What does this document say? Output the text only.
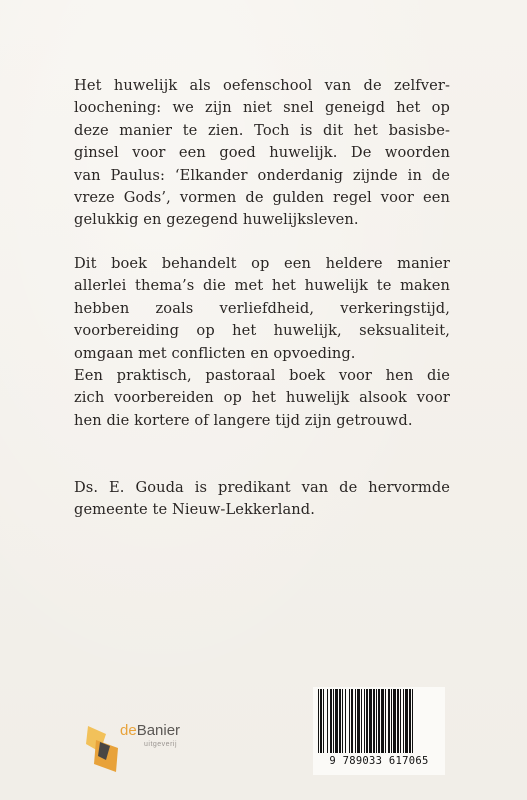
Het huwelijk als oefenschool van de zelfver-
loochening: we zijn niet snel geneigd het op
deze manier te zien. Toch is dit het basisbe-
ginsel voor een goed huwelijk. De woorden
van Paulus: ‘Elkander onderdanig zijnde in de
vreze Gods’, vormen de gulden regel voor een
gelukkig en gezegend huwelijksleven.
Dit boek behandelt op een heldere manier
allerlei thema’s die met het huwelijk te maken
hebben zoals verliefdheid, verkeringstijd,
voorbereiding op het huwelijk, seksualiteit,
omgaan met conflicten en opvoeding.
Een praktisch, pastoraal boek voor hen die
zich voorbereiden op het huwelijk alsook voor
hen die kortere of langere tijd zijn getrouwd.
Ds. E. Gouda is predikant van de hervormde
gemeente te Nieuw-Lekkerland.
deBanier
uitgeverij
9 789033 617065
